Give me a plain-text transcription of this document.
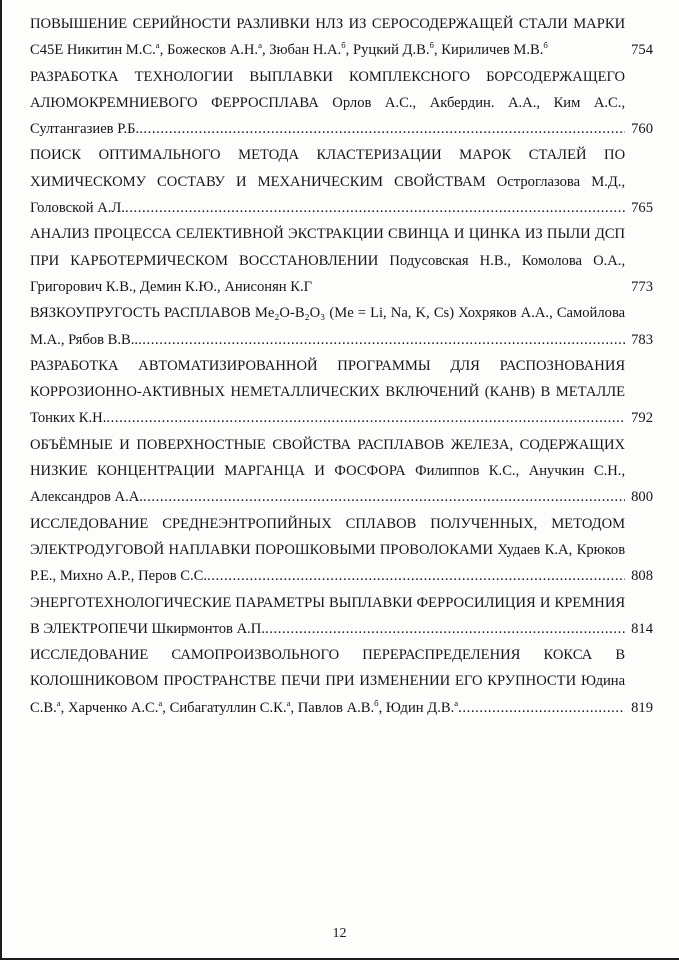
ПОВЫШЕНИЕ СЕРИЙНОСТИ РАЗЛИВКИ НЛЗ ИЗ СЕРОСОДЕРЖАЩЕЙ СТАЛИ МАРКИ С45Е Никитин М.С.$^а$, Божесков А.Н.$^а$, Зюбан Н.А.$^б$, Руцкий Д.В.$^б$, Кириличев М.В.$^б$	754

РАЗРАБОТКА ТЕХНОЛОГИИ ВЫПЛАВКИ КОМПЛЕКСНОГО БОРСОДЕРЖАЩЕГО АЛЮМОКРЕМНИЕВОГО ФЕРРОСПЛАВА Орлов А.С., Акбердин. А.А., Ким А.С., Султангазиев Р.Б. .....	760

ПОИСК ОПТИМАЛЬНОГО МЕТОДА КЛАСТЕРИЗАЦИИ МАРОК СТАЛЕЙ ПО ХИМИЧЕСКОМУ СОСТАВУ И МЕХАНИЧЕСКИМ СВОЙСТВАМ Остроглазова М.Д., Головской А.Л. .....	765

АНАЛИЗ ПРОЦЕССА СЕЛЕКТИВНОЙ ЭКСТРАКЦИИ СВИНЦА И ЦИНКА ИЗ ПЫЛИ ДСП ПРИ КАРБОТЕРМИЧЕСКОМ ВОССТАНОВЛЕНИИ Подусовская Н.В., Комолова О.А., Григорович К.В., Демин К.Ю., Анисонян К.Г	773

ВЯЗКОУПРУГОСТЬ РАСПЛАВОВ Me₂O-B₂O₃ (Me = Li, Na, K, Cs) Хохряков А.А., Самойлова М.А., Рябов В.В.. .....	783

РАЗРАБОТКА АВТОМАТИЗИРОВАННОЙ ПРОГРАММЫ ДЛЯ РАСПОЗНОВАНИЯ КОРРОЗИОННО-АКТИВНЫХ НЕМЕТАЛЛИЧЕСКИХ ВКЛЮЧЕНИЙ (КАНВ) В МЕТАЛЛЕ Тонких К.Н. .....	792

ОБЪЁМНЫЕ И ПОВЕРХНОСТНЫЕ СВОЙСТВА РАСПЛАВОВ ЖЕЛЕЗА, СОДЕРЖАЩИХ НИЗКИЕ КОНЦЕНТРАЦИИ МАРГАНЦА И ФОСФОРА Филиппов К.С., Анучкин С.Н., Александров А.А. .....	800

ИССЛЕДОВАНИЕ СРЕДНЕЭНТРОПИЙНЫХ СПЛАВОВ ПОЛУЧЕННЫХ, МЕТОДОМ ЭЛЕКТРОДУГОВОЙ НАПЛАВКИ ПОРОШКОВЫМИ ПРОВОЛОКАМИ Худаев К.А, Крюков Р.Е., Михно А.Р., Перов С.С. .....	808

ЭНЕРГОТЕХНОЛОГИЧЕСКИЕ ПАРАМЕТРЫ ВЫПЛАВКИ ФЕРРОСИЛИЦИЯ И КРЕМНИЯ В ЭЛЕКТРОПЕЧИ Шкирмонтов А.П. .....	814

ИССЛЕДОВАНИЕ САМОПРОИЗВОЛЬНОГО ПЕРЕРАСПРЕДЕЛЕНИЯ КОКСА В КОЛОШНИКОВОМ ПРОСТРАНСТВЕ ПЕЧИ ПРИ ИЗМЕНЕНИИ ЕГО КРУПНОСТИ Юдина С.В.$^а$, Харченко А.С.$^а$, Сибагатуллин С.К.$^а$, Павлов А.В.$^б$, Юдин Д.В.$^а$ .....	819

12
